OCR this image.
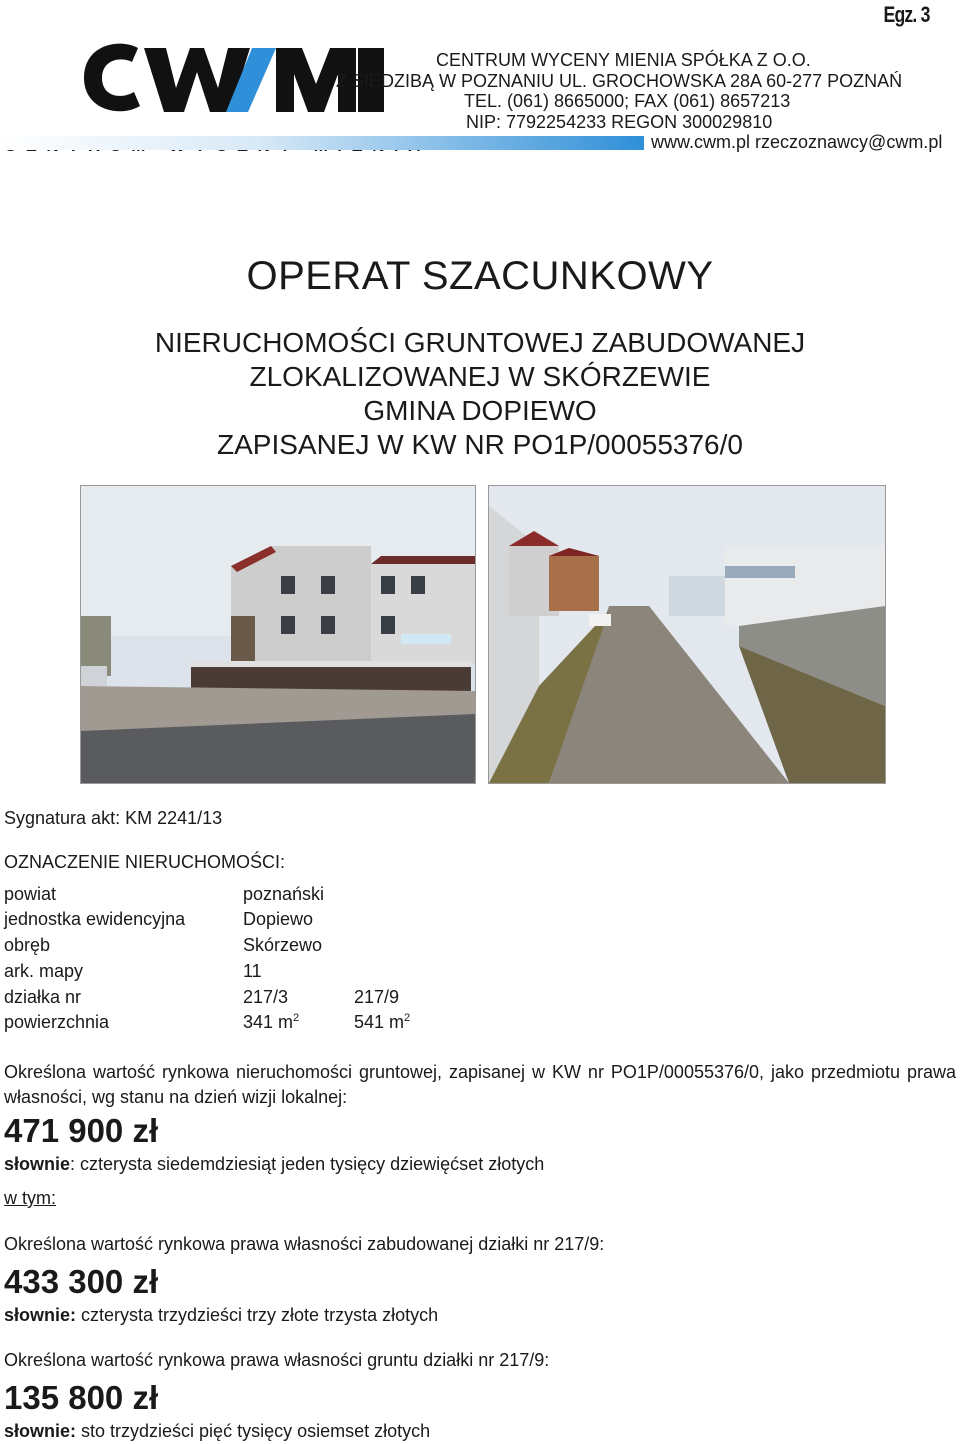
Egz. 3
CENTRUM WYCENY MIENIA SPÓŁKA Z O.O.
Z SIEDZIBĄ W POZNANIU UL. GROCHOWSKA 28A 60-277 POZNAŃ
TEL. (061) 8665000; FAX (061) 8657213
NIP: 7792254233 REGON 300029810
www.cwm.pl rzeczoznawcy@cwm.pl
OPERAT SZACUNKOWY
NIERUCHOMOŚCI GRUNTOWEJ ZABUDOWANEJ
ZLOKALIZOWANEJ W SKÓRZEWIE
GMINA DOPIEWO
ZAPISANEJ W KW NR PO1P/00055376/0
Sygnatura akt: KM 2241/13
OZNACZENIE NIERUCHOMOŚCI:
powiat	poznański
jednostka ewidencyjna	Dopiewo
obręb	Skórzewo
ark. mapy	11
działka nr	217/3	217/9
powierzchnia	341 $m^2$	541 $m^2$
Określona wartość rynkowa nieruchomości gruntowej, zapisanej w KW nr PO1P/00055376/0, jako przedmiotu prawa własności, wg stanu na dzień wizji lokalnej:
471 900 zł
słownie: czterysta siedemdziesiąt jeden tysięcy dziewięćset złotych
w tym:
Określona wartość rynkowa prawa własności zabudowanej działki nr 217/9:
433 300 zł
słownie: czterysta trzydzieści trzy złote trzysta złotych
Określona wartość rynkowa prawa własności gruntu działki nr 217/9:
135 800 zł
słownie: sto trzydzieści pięć tysięcy osiemset złotych
